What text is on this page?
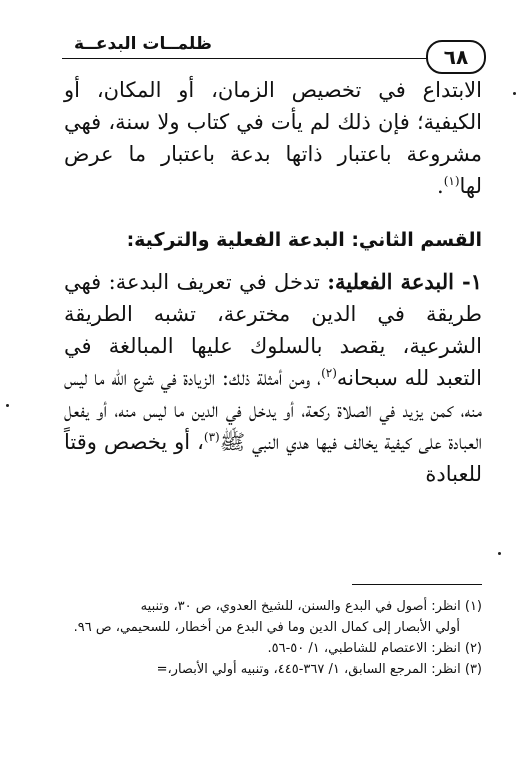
ظلمــات البدعــة
٦٨

الابتداع في تخصيص الزمان، أو المكان، أو الكيفية؛ فإن ذلك لم يأت في كتاب ولا سنة، فهي مشروعة باعتبار ذاتها بدعة باعتبار ما عرض لها$^{(١)}$.

القسم الثاني: البدعة الفعلية والتركية:

١- البدعة الفعلية: تدخل في تعريف البدعة: فهي طريقة في الدين مخترعة، تشبه الطريقة الشرعية، يقصد بالسلوك عليها المبالغة في التعبد لله سبحانه$^{(٢)}$، ومن أمثلة ذلك: الزيادة في شرع الله ما ليس منه، كمن يزيد في الصلاة ركعة، أو يدخل في الدين ما ليس منه، أو يفعل العبادة على كيفية يخالف فيها هدي النبي ﷺ$^{(٣)}$، أو يخصص وقتاً للعبادة

(١) انظر: أصول في البدع والسنن، للشيخ العدوي، ص ٣٠، وتنبيه

أولي الأبصار إلى كمال الدين وما في البدع من أخطار، للسحيمي، ص ٩٦.

(٢) انظر: الاعتصام للشاطبي، ١/ ٥٠-٥٦.

(٣) انظر: المرجع السابق، ١/ ٣٦٧-٤٤٥، وتنبيه أولي الأبصار،=
